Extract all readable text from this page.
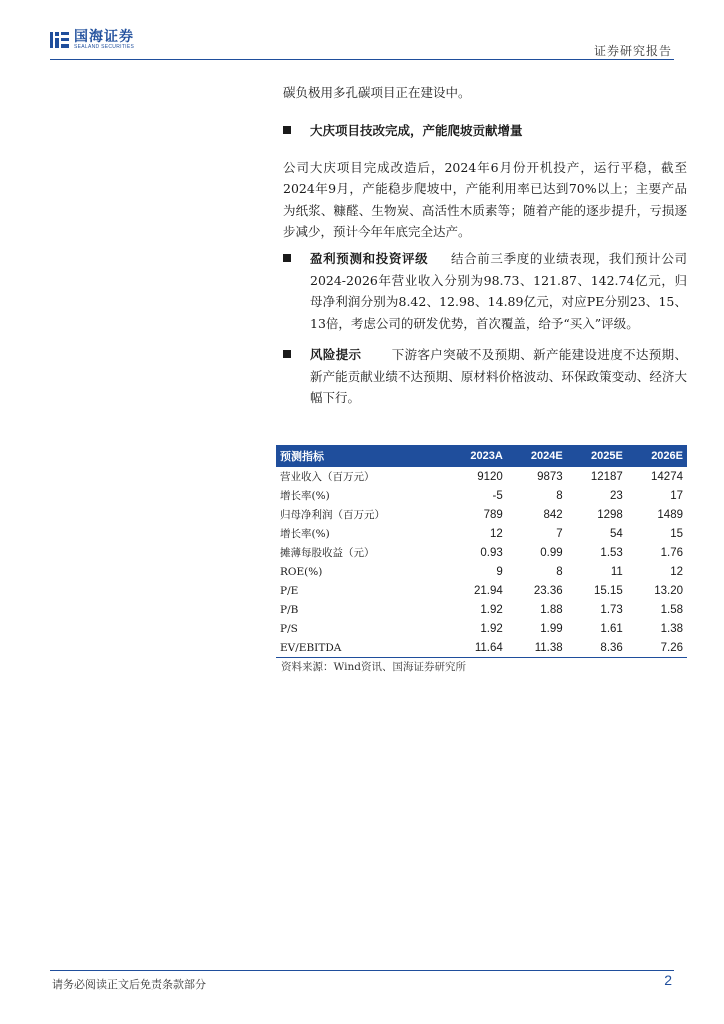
国海证券
SEALAND SECURITIES	证券研究报告

碳负极用多孔碳项目正在建设中。

大庆项目技改完成，产能爬坡贡献增量

公司大庆项目完成改造后，2024年6月份开机投产，运行平稳，截至2024年9月，产能稳步爬坡中，产能利用率已达到70%以上；主要产品为纸浆、糠醛、生物炭、高活性木质素等；随着产能的逐步提升，亏损逐步减少，预计今年年底完全达产。

盈利预测和投资评级 结合前三季度的业绩表现，我们预计公司2024-2026年营业收入分别为98.73、121.87、142.74亿元，归母净利润分别为8.42、12.98、14.89亿元，对应PE分别23、15、13倍，考虑公司的研发优势，首次覆盖，给予“买入”评级。

风险提示 下游客户突破不及预期、新产能建设进度不达预期、新产能贡献业绩不达预期、原材料价格波动、环保政策变动、经济大幅下行。

预测指标	2023A	2024E	2025E	2026E
营业收入（百万元）	9120	9873	12187	14274
增长率(%)	-5	8	23	17
归母净利润（百万元）	789	842	1298	1489
增长率(%)	12	7	54	15
摊薄每股收益（元）	0.93	0.99	1.53	1.76
ROE(%)	9	8	11	12
P/E	21.94	23.36	15.15	13.20
P/B	1.92	1.88	1.73	1.58
P/S	1.92	1.99	1.61	1.38
EV/EBITDA	11.64	11.38	8.36	7.26
资料来源：Wind资讯、国海证券研究所
请务必阅读正文后免责条款部分	2
